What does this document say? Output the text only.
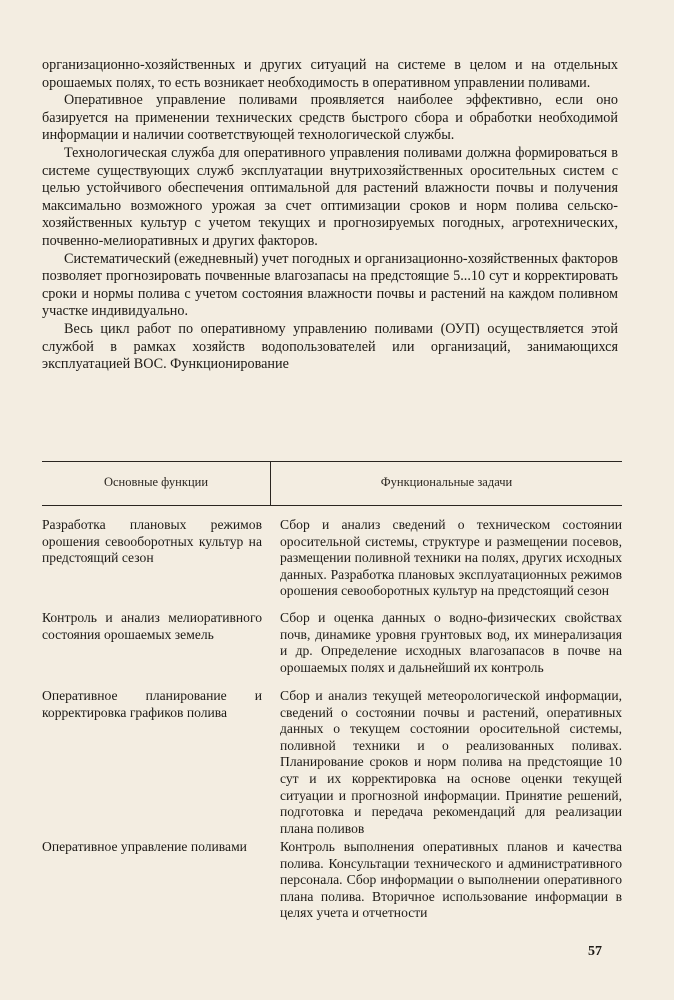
организационно-хозяйственных и других ситуаций на системе в целом и на отдельных орошаемых полях, то есть возникает необходимость в оперативном управлении поливами.

Оперативное управление поливами проявляется наиболее эффективно, если оно базируется на применении технических средств быстрого сбора и обработки необходимой информации и наличии соответствующей технологической службы.

Технологическая служба для оперативного управления поливами должна формироваться в системе существующих служб эксплуатации внутрихозяйственных оросительных систем с целью устойчивого обеспечения оптимальной для растений влажности почвы и получения максимально возможного урожая за счет оптимизации сроков и норм полива сельскохозяйственных культур с учетом текущих и прогнозируемых погодных, агротехнических, почвенно-мелиоративных и других факторов.

Систематический (ежедневный) учет погодных и организационно-хозяйственных факторов позволяет прогнозировать почвенные влагозапасы на предстоящие 5...10 сут и корректировать сроки и нормы полива с учетом состояния влажности почвы и растений на каждом поливном участке индивидуально.

Весь цикл работ по оперативному управлению поливами (ОУП) осуществляется этой службой в рамках хозяйств водопользователей или организаций, занимающихся эксплуатацией ВОС. Функционирование

Основные функции	Функциональные задачи
Разработка плановых режимов орошения севооборотных культур на предстоящий сезон
Сбор и анализ сведений о техническом состоянии оросительной системы, структуре и размещении посевов, размещении поливной техники на полях, других исходных данных. Разработка плановых эксплуатационных режимов орошения севооборотных культур на предстоящий сезон
Контроль и анализ мелиоративного состояния орошаемых земель
Сбор и оценка данных о водно-физических свойствах почв, динамике уровня грунтовых вод, их минерализация и др. Определение исходных влагозапасов в почве на орошаемых полях и дальнейший их контроль
Оперативное планирование и корректировка графиков полива
Сбор и анализ текущей метеорологической информации, сведений о состоянии почвы и растений, оперативных данных о текущем состоянии оросительной системы, поливной техники и о реализованных поливах. Планирование сроков и норм полива на предстоящие 10 сут и их корректировка на основе оценки текущей ситуации и прогнозной информации. Принятие решений, подготовка и передача рекомендаций для реализации плана поливов
Оперативное управление поливами	Контроль выполнения оперативных планов и качества полива. Консультации технического и административного персонала. Сбор информации о выполнении оперативного плана полива. Вторичное использование информации в целях учета и отчетности
57
